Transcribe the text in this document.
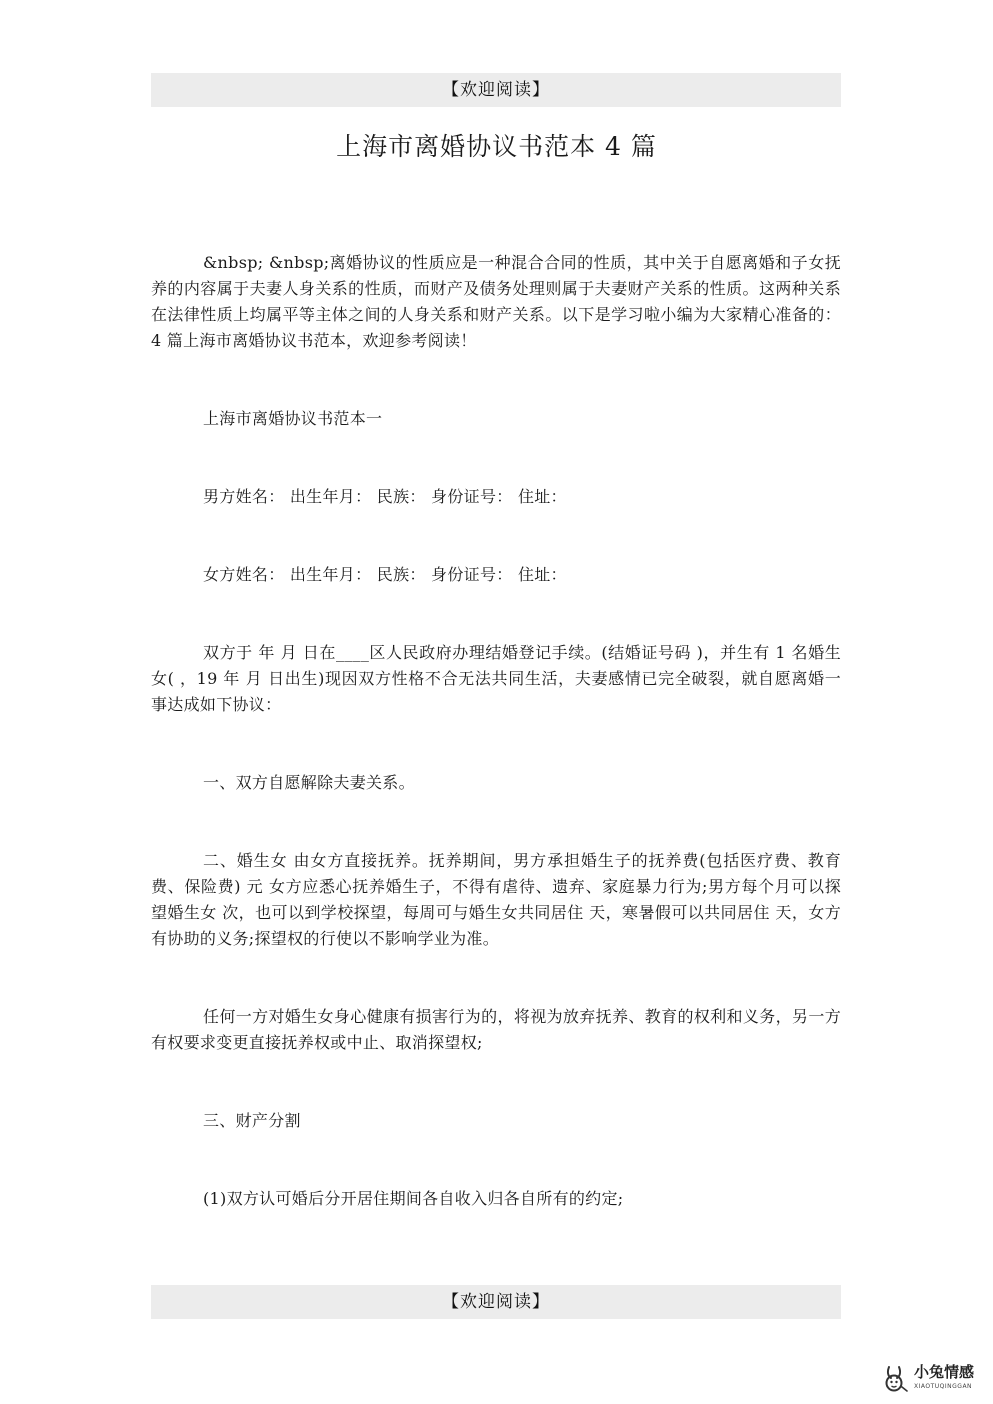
【欢迎阅读】
上海市离婚协议书范本 4 篇

&nbsp; &nbsp;离婚协议的性质应是一种混合合同的性质，其中关于自愿离婚和子女抚养的内容属于夫妻人身关系的性质，而财产及债务处理则属于夫妻财产关系的性质。这两种关系在法律性质上均属平等主体之间的人身关系和财产关系。以下是学习啦小编为大家精心准备的：4 篇上海市离婚协议书范本，欢迎参考阅读！

上海市离婚协议书范本一

男方姓名： 出生年月： 民族： 身份证号： 住址：

女方姓名： 出生年月： 民族： 身份证号： 住址：

双方于 年 月 日在____区人民政府办理结婚登记手续。(结婚证号码 )，并生有 1 名婚生女( ，19 年 月 日出生)现因双方性格不合无法共同生活，夫妻感情已完全破裂，就自愿离婚一事达成如下协议：

一、双方自愿解除夫妻关系。

二、婚生女 由女方直接抚养。抚养期间，男方承担婚生子的抚养费(包括医疗费、教育费、保险费) 元 女方应悉心抚养婚生子，不得有虐待、遗弃、家庭暴力行为;男方每个月可以探望婚生女 次，也可以到学校探望，每周可与婚生女共同居住 天，寒暑假可以共同居住 天，女方有协助的义务;探望权的行使以不影响学业为准。

任何一方对婚生女身心健康有损害行为的，将视为放弃抚养、教育的权利和义务，另一方有权要求变更直接抚养权或中止、取消探望权;

三、财产分割

(1)双方认可婚后分开居住期间各自收入归各自所有的约定;

【欢迎阅读】
小兔情感
XIAOTUQINGGAN
